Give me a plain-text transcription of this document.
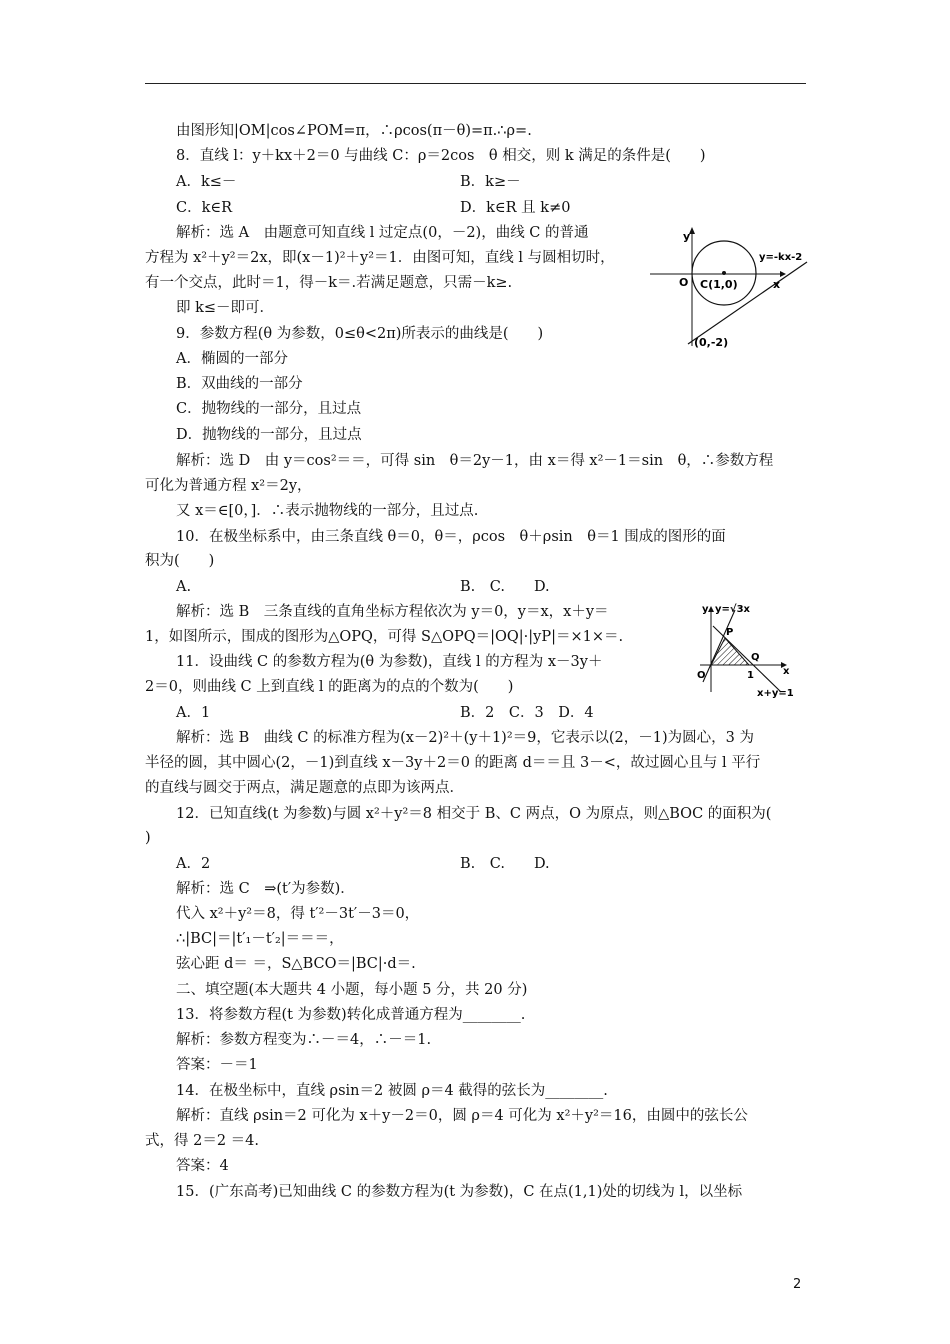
由图形知|OM|cos∠POM=π，∴ρcos(π－θ)=π.∴ρ=.
8．直线 l：y＋kx＋2＝0 与曲线 C：ρ＝2cos　θ 相交，则 k 满足的条件是(　　)
A．k≤－	B．k≥－
C．k∈R	D．k∈R 且 k≠0
解析：选 A　由题意可知直线 l 过定点(0，－2)，曲线 C 的普通
方程为 x²＋y²＝2x，即(x－1)²＋y²＝1．由图可知，直线 l 与圆相切时，
有一个交点，此时＝1，得－k＝.若满足题意，只需－k≥.
即 k≤－即可．
9．参数方程(θ 为参数，0≤θ<2π)所表示的曲线是(　　)
A．椭圆的一部分
B．双曲线的一部分
C．抛物线的一部分，且过点
D．抛物线的一部分，且过点
解析：选 D　由 y＝cos²＝＝，可得 sin　θ＝2y－1，由 x＝得 x²－1＝sin　θ，∴参数方程
可化为普通方程 x²＝2y，
又 x＝∈[0，]．∴表示抛物线的一部分，且过点.
10．在极坐标系中，由三条直线 θ＝0，θ＝，ρcos　θ＋ρsin　θ＝1 围成的图形的面
积为(　　)
A.	B.　C.　　D.
解析：选 B　三条直线的直角坐标方程依次为 y＝0，y＝x，x＋y＝
1，如图所示，围成的图形为△OPQ，可得 S△OPQ＝|OQ|·|yP|＝×1×＝.
11．设曲线 C 的参数方程为(θ 为参数)，直线 l 的方程为 x－3y＋
2＝0，则曲线 C 上到直线 l 的距离为的点的个数为(　　)
A．1	B．2　C．3　D．4
解析：选 B　曲线 C 的标准方程为(x－2)²＋(y＋1)²＝9，它表示以(2，－1)为圆心，3 为
半径的圆，其中圆心(2，－1)到直线 x－3y＋2＝0 的距离 d＝＝且 3－<，故过圆心且与 l 平行
的直线与圆交于两点，满足题意的点即为该两点．
12．已知直线(t 为参数)与圆 x²＋y²＝8 相交于 B、C 两点，O 为原点，则△BOC 的面积为(
)
A．2	B.　C.　　D.
解析：选 C　⇒(t′为参数)．
代入 x²＋y²＝8，得 t′²－3t′－3＝0，
∴|BC|＝|t′₁－t′₂|＝＝＝，
弦心距 d＝ ＝，S△BCO＝|BC|·d＝.
二、填空题(本大题共 4 小题，每小题 5 分，共 20 分)
13．将参数方程(t 为参数)转化成普通方程为________.
解析：参数方程变为∴－＝4，∴－＝1.
答案：－＝1
14．在极坐标中，直线 ρsin＝2 被圆 ρ＝4 截得的弦长为________.
解析：直线 ρsin＝2 可化为 x＋y－2＝0，圆 ρ＝4 可化为 x²＋y²＝16，由圆中的弦长公
式，得 2＝2 ＝4.
答案：4
15．(广东高考)已知曲线 C 的参数方程为(t 为参数)，C 在点(1,1)处的切线为 l，以坐标
y
x
O C(1,0)
y=-kx-2
(0,-2)
y y=√3x
P
Q
x
O	1
x+y=1
2
